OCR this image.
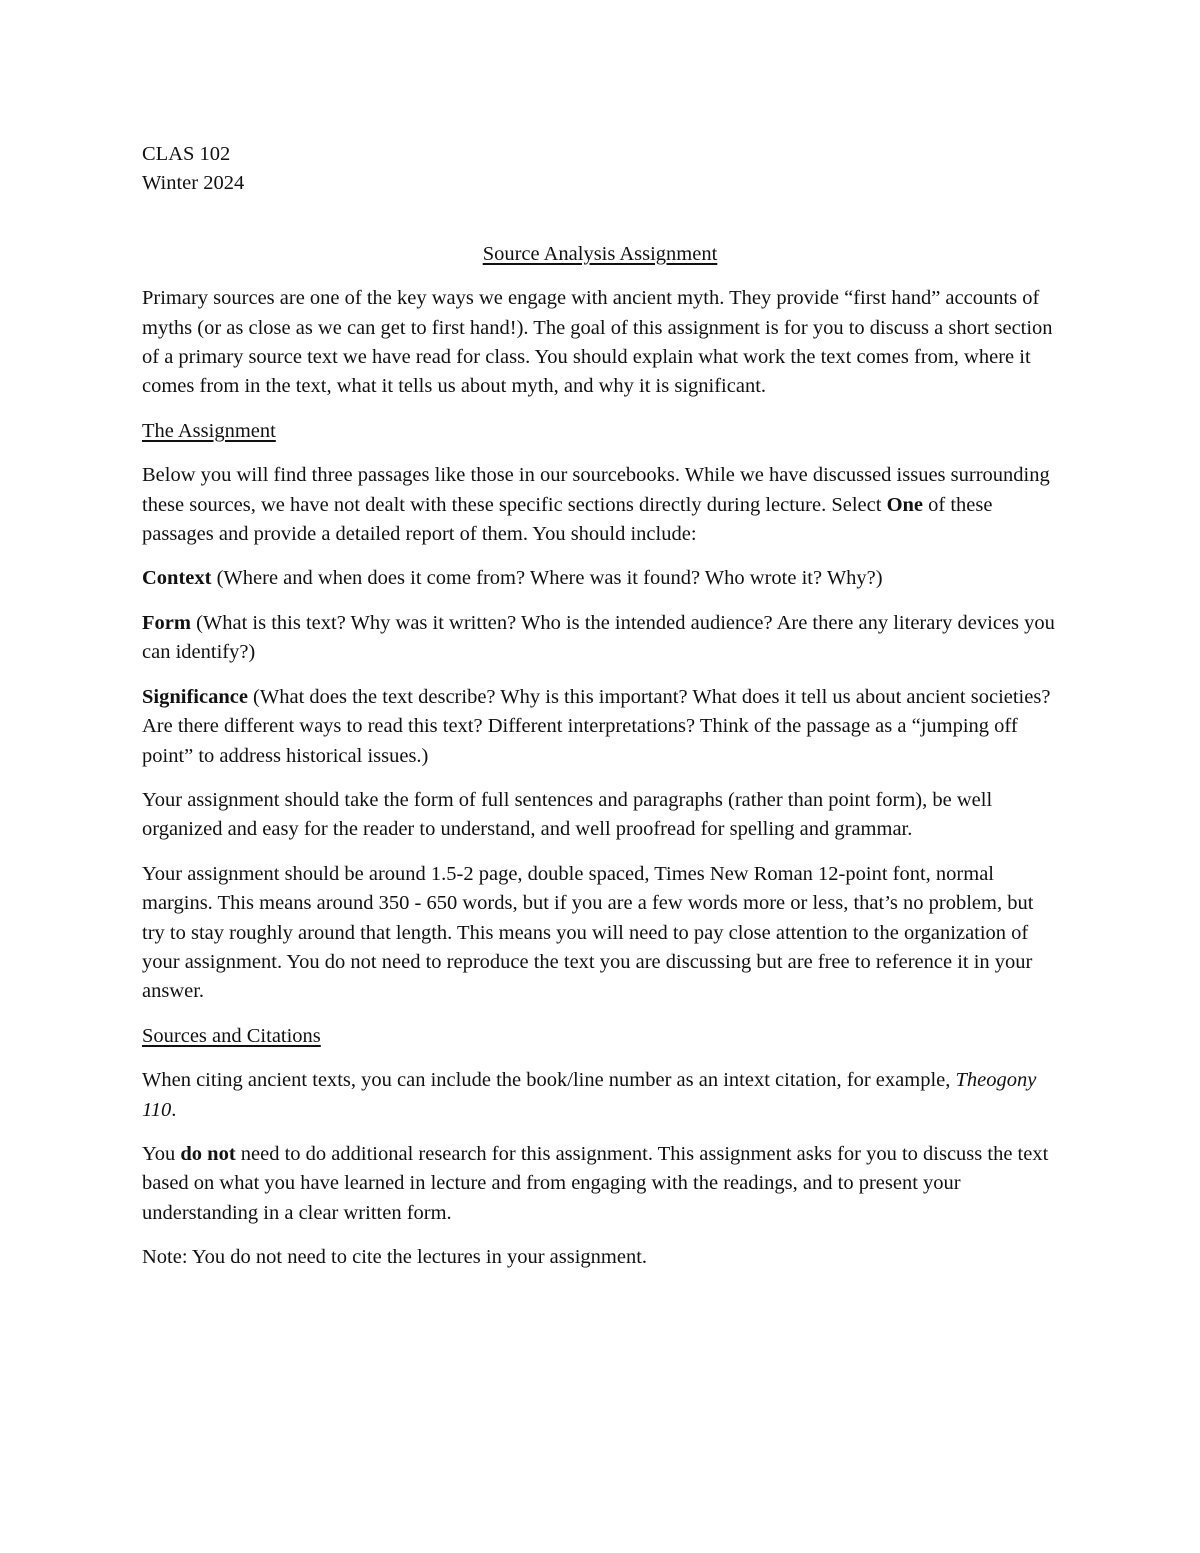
CLAS 102

Winter 2024

Source Analysis Assignment

Primary sources are one of the key ways we engage with ancient myth. They provide “first hand” accounts of myths (or as close as we can get to first hand!). The goal of this assignment is for you to discuss a short section of a primary source text we have read for class. You should explain what work the text comes from, where it comes from in the text, what it tells us about myth, and why it is significant.

The Assignment

Below you will find three passages like those in our sourcebooks. While we have discussed issues surrounding these sources, we have not dealt with these specific sections directly during lecture. Select One of these passages and provide a detailed report of them. You should include:

Context (Where and when does it come from? Where was it found? Who wrote it? Why?)

Form (What is this text? Why was it written? Who is the intended audience? Are there any literary devices you can identify?)

Significance (What does the text describe? Why is this important? What does it tell us about ancient societies? Are there different ways to read this text? Different interpretations? Think of the passage as a “jumping off point” to address historical issues.)

Your assignment should take the form of full sentences and paragraphs (rather than point form), be well organized and easy for the reader to understand, and well proofread for spelling and grammar.

Your assignment should be around 1.5-2 page, double spaced, Times New Roman 12-point font, normal margins. This means around 350 - 650 words, but if you are a few words more or less, that’s no problem, but try to stay roughly around that length. This means you will need to pay close attention to the organization of your assignment. You do not need to reproduce the text you are discussing but are free to reference it in your answer.

Sources and Citations

When citing ancient texts, you can include the book/line number as an intext citation, for example, Theogony 110.

You do not need to do additional research for this assignment. This assignment asks for you to discuss the text based on what you have learned in lecture and from engaging with the readings, and to present your understanding in a clear written form.

Note: You do not need to cite the lectures in your assignment.
